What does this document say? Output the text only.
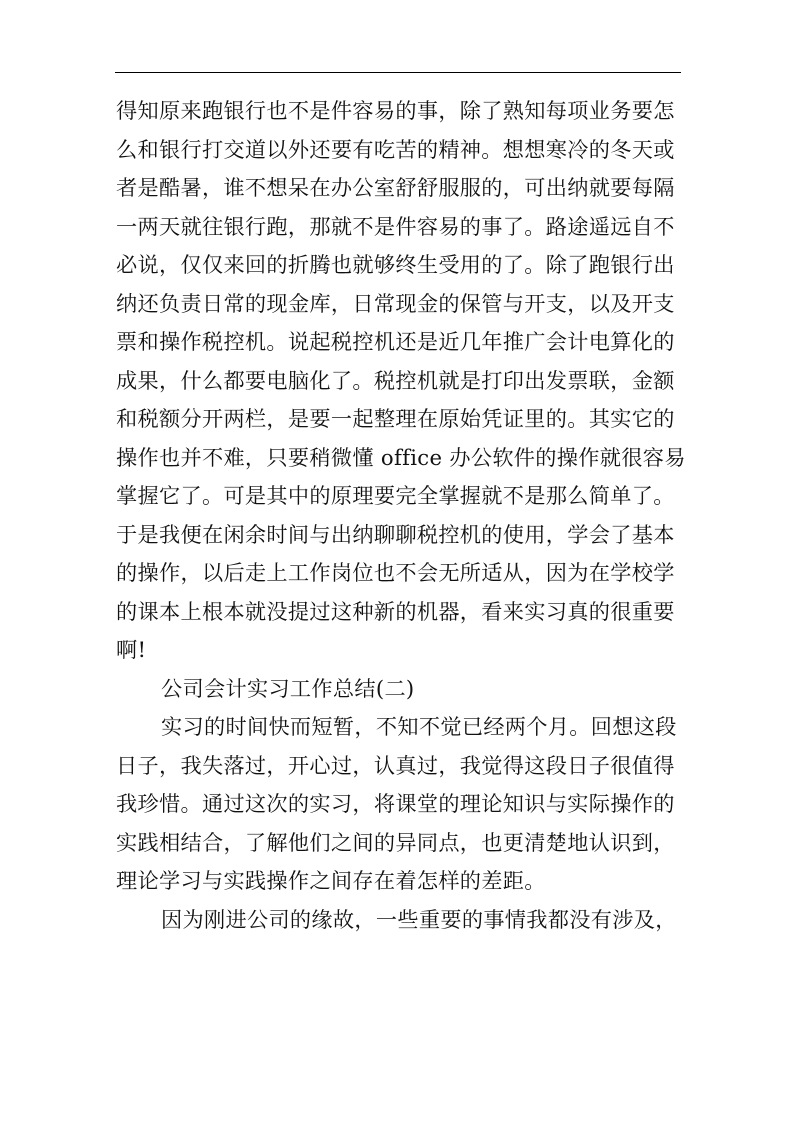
得知原来跑银行也不是件容易的事，除了熟知每项业务要怎
么和银行打交道以外还要有吃苦的精神。想想寒冷的冬天或
者是酷暑，谁不想呆在办公室舒舒服服的，可出纳就要每隔
一两天就往银行跑，那就不是件容易的事了。路途遥远自不
必说，仅仅来回的折腾也就够终生受用的了。除了跑银行出
纳还负责日常的现金库，日常现金的保管与开支，以及开支
票和操作税控机。说起税控机还是近几年推广会计电算化的
成果，什么都要电脑化了。税控机就是打印出发票联，金额
和税额分开两栏，是要一起整理在原始凭证里的。其实它的
操作也并不难，只要稍微懂 office 办公软件的操作就很容易
掌握它了。可是其中的原理要完全掌握就不是那么简单了。
于是我便在闲余时间与出纳聊聊税控机的使用，学会了基本
的操作，以后走上工作岗位也不会无所适从，因为在学校学
的课本上根本就没提过这种新的机器，看来实习真的很重要
啊!
公司会计实习工作总结(二)
实习的时间快而短暂，不知不觉已经两个月。回想这段
日子，我失落过，开心过，认真过，我觉得这段日子很值得
我珍惜。通过这次的实习，将课堂的理论知识与实际操作的
实践相结合，了解他们之间的异同点，也更清楚地认识到，
理论学习与实践操作之间存在着怎样的差距。
因为刚进公司的缘故，一些重要的事情我都没有涉及，
